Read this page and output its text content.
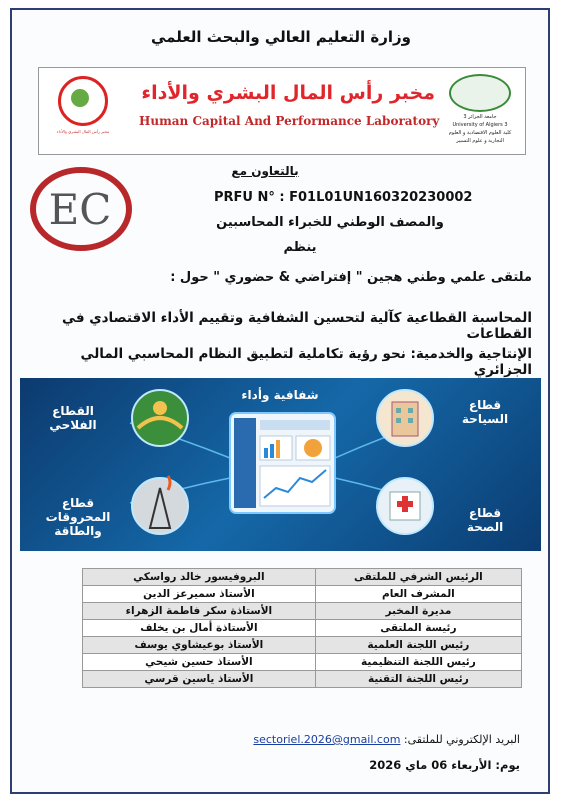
وزارة التعليم العالي والبحث العلمي
مخبر رأس المال البشري والأداء
مخبر رأس المال البشري والأداء
Human Capital And Performance Laboratory	جامعة الجزائر 3
University of Algiers 3
كلية العلوم الاقتصادية و العلوم
التجارية و علوم التسيير
EC
بالتعاون مع
PRFU N° : F01L01UN160320230002
والمصف الوطني للخبراء المحاسبين
ينظم
ملتقى علمي وطني هجين " إفتراضي & حضوري " حول :
المحاسبة القطاعية كآلية لتحسين الشفافية وتقييم الأداء الاقتصادي في القطاعات
الإنتاجية والخدمية: نحو رؤية تكاملية لتطبيق النظام المحاسبي المالي الجزائري
شفافية وأداء
القطاع الفلاحي
قطاع السياحة
قطاع المحروقات والطاقة
قطاع الصحة
الرئيس الشرفي للملتقى	البروفيسور خالد رواسكي
المشرف العام	الأستاذ سميرعز الدين
مديرة المخبر	الأستاذة سكر فاطمة الزهراء
رئيسة الملتقى	الأستاذة أمال بن يخلف
رئيس اللجنة العلمية	الأستاذ بوعيشاوي يوسف
رئيس اللجنة التنظيمية	الأستاذ حسين شيحي
رئيس اللجنة التقنية	الأستاذ ياسين قرسي
البريد الإلكتروني للملتقى: sectoriel.2026@gmail.com
يوم: الأربعاء 06 ماي 2026
